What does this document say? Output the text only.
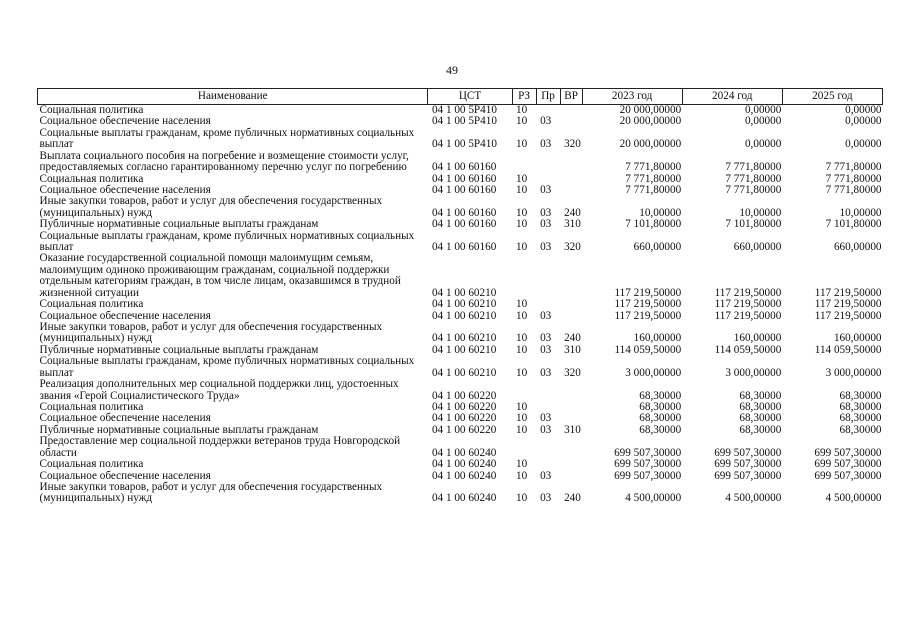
49
Наименование	ЦСТ	РЗ	Пр	ВР	2023 год	2024 год	2025 год
Социальная политика	04 1 00 5Р410	10			20 000,00000	0,00000	0,00000
Социальное обеспечение населения	04 1 00 5Р410	10	03		20 000,00000	0,00000	0,00000
Социальные выплаты гражданам, кроме публичных нормативных социальных выплат	04 1 00 5Р410	10	03	320	20 000,00000	0,00000	0,00000
Выплата социального пособия на погребение и возмещение стоимости услуг, предоставляемых согласно гарантированному перечню услуг по погребению	04 1 00 60160				7 771,80000	7 771,80000	7 771,80000
Социальная политика	04 1 00 60160	10			7 771,80000	7 771,80000	7 771,80000
Социальное обеспечение населения	04 1 00 60160	10	03		7 771,80000	7 771,80000	7 771,80000
Иные закупки товаров, работ и услуг для обеспечения государственных (муниципальных) нужд	04 1 00 60160	10	03	240	10,00000	10,00000	10,00000
Публичные нормативные социальные выплаты гражданам	04 1 00 60160	10	03	310	7 101,80000	7 101,80000	7 101,80000
Социальные выплаты гражданам, кроме публичных нормативных социальных выплат	04 1 00 60160	10	03	320	660,00000	660,00000	660,00000
Оказание государственной социальной помощи малоимущим семьям, малоимущим одиноко проживающим гражданам, социальной поддержки отдельным категориям граждан, в том числе лицам, оказавшимся в трудной жизненной ситуации	04 1 00 60210				117 219,50000	117 219,50000	117 219,50000
Социальная политика	04 1 00 60210	10			117 219,50000	117 219,50000	117 219,50000
Социальное обеспечение населения	04 1 00 60210	10	03		117 219,50000	117 219,50000	117 219,50000
Иные закупки товаров, работ и услуг для обеспечения государственных (муниципальных) нужд	04 1 00 60210	10	03	240	160,00000	160,00000	160,00000
Публичные нормативные социальные выплаты гражданам	04 1 00 60210	10	03	310	114 059,50000	114 059,50000	114 059,50000
Социальные выплаты гражданам, кроме публичных нормативных социальных выплат	04 1 00 60210	10	03	320	3 000,00000	3 000,00000	3 000,00000
Реализация дополнительных мер социальной поддержки лиц, удостоенных звания «Герой Социалистического Труда»	04 1 00 60220				68,30000	68,30000	68,30000
Социальная политика	04 1 00 60220	10			68,30000	68,30000	68,30000
Социальное обеспечение населения	04 1 00 60220	10	03		68,30000	68,30000	68,30000
Публичные нормативные социальные выплаты гражданам	04 1 00 60220	10	03	310	68,30000	68,30000	68,30000
Предоставление мер социальной поддержки ветеранов труда Новгородской области	04 1 00 60240				699 507,30000	699 507,30000	699 507,30000
Социальная политика	04 1 00 60240	10			699 507,30000	699 507,30000	699 507,30000
Социальное обеспечение населения	04 1 00 60240	10	03		699 507,30000	699 507,30000	699 507,30000
Иные закупки товаров, работ и услуг для обеспечения государственных (муниципальных) нужд	04 1 00 60240	10	03	240	4 500,00000	4 500,00000	4 500,00000
